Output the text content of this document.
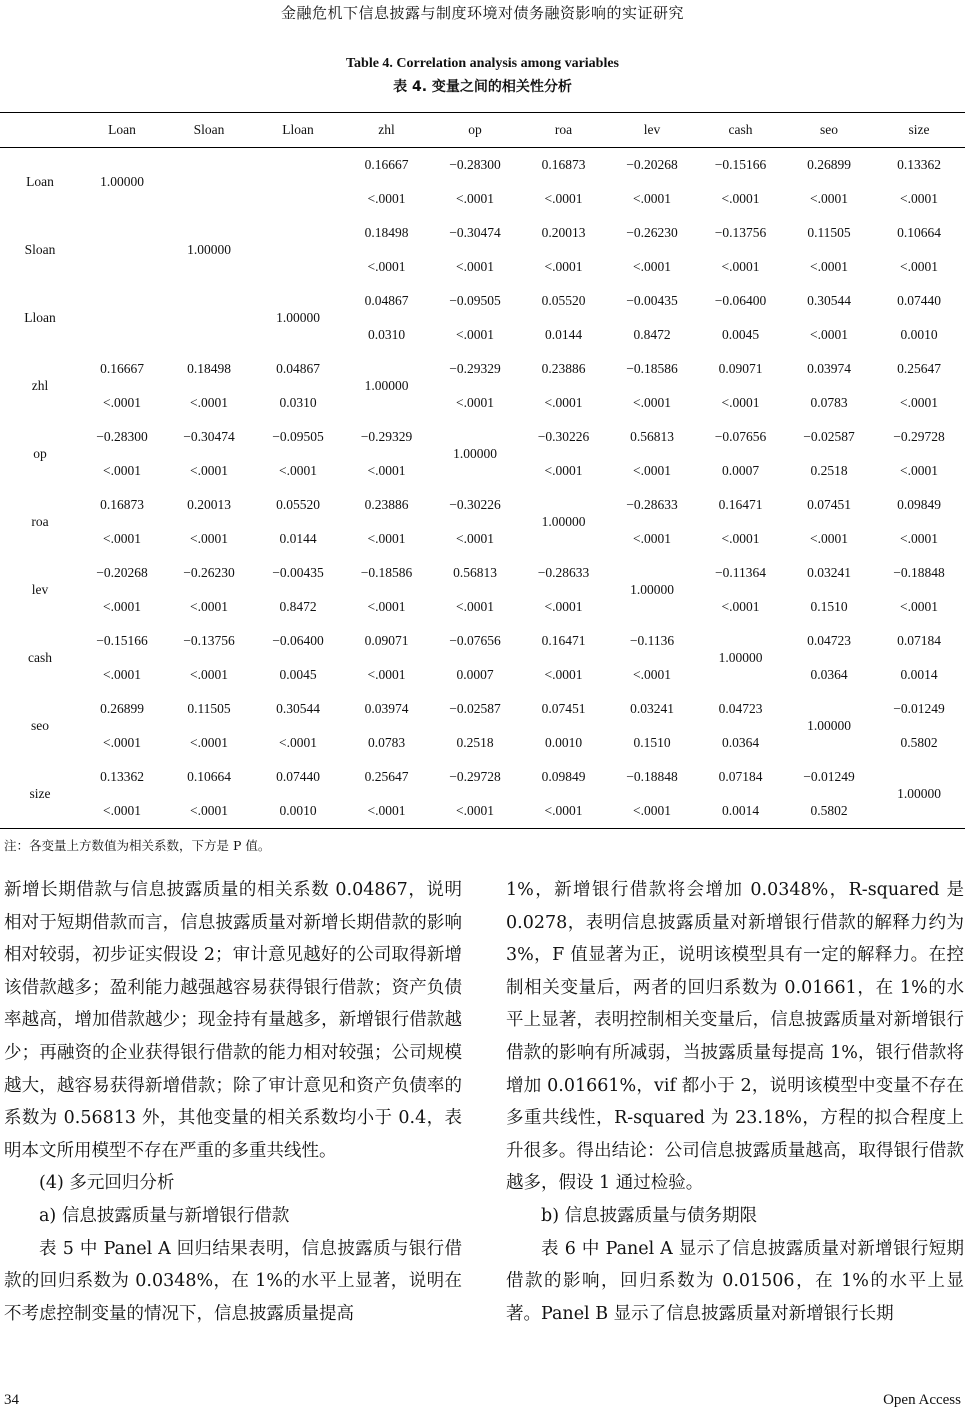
金融危机下信息披露与制度环境对债务融资影响的实证研究
Table 4. Correlation analysis among variables
表 4. 变量之间的相关性分析
	Loan	Sloan	Lloan	zhl	op	roa	lev	cash	seo	size
Loan	1.00000			0.16667	−0.28300	0.16873	−0.20268	−0.15166	0.26899	0.13362
				<.0001	<.0001	<.0001	<.0001	<.0001	<.0001	<.0001
Sloan		1.00000		0.18498	−0.30474	0.20013	−0.26230	−0.13756	0.11505	0.10664
				<.0001	<.0001	<.0001	<.0001	<.0001	<.0001	<.0001
Lloan			1.00000	0.04867	−0.09505	0.05520	−0.00435	−0.06400	0.30544	0.07440
				0.0310	<.0001	0.0144	0.8472	0.0045	<.0001	0.0010
zhl	0.16667	0.18498	0.04867	1.00000	−0.29329	0.23886	−0.18586	0.09071	0.03974	0.25647
	<.0001	<.0001	0.0310		<.0001	<.0001	<.0001	<.0001	0.0783	<.0001
op	−0.28300	−0.30474	−0.09505	−0.29329	1.00000	−0.30226	0.56813	−0.07656	−0.02587	−0.29728
	<.0001	<.0001	<.0001	<.0001		<.0001	<.0001	0.0007	0.2518	<.0001
roa	0.16873	0.20013	0.05520	0.23886	−0.30226	1.00000	−0.28633	0.16471	0.07451	0.09849
	<.0001	<.0001	0.0144	<.0001	<.0001		<.0001	<.0001	<.0001	<.0001
lev	−0.20268	−0.26230	−0.00435	−0.18586	0.56813	−0.28633	1.00000	−0.11364	0.03241	−0.18848
	<.0001	<.0001	0.8472	<.0001	<.0001	<.0001		<.0001	0.1510	<.0001
cash	−0.15166	−0.13756	−0.06400	0.09071	−0.07656	0.16471	−0.1136	1.00000	0.04723	0.07184
	<.0001	<.0001	0.0045	<.0001	0.0007	<.0001	<.0001		0.0364	0.0014
seo	0.26899	0.11505	0.30544	0.03974	−0.02587	0.07451	0.03241	0.04723	1.00000	−0.01249
	<.0001	<.0001	<.0001	0.0783	0.2518	0.0010	0.1510	0.0364		0.5802
size	0.13362	0.10664	0.07440	0.25647	−0.29728	0.09849	−0.18848	0.07184	−0.01249	1.00000
	<.0001	<.0001	0.0010	<.0001	<.0001	<.0001	<.0001	0.0014	0.5802	
注：各变量上方数值为相关系数，下方是 P 值。

新增长期借款与信息披露质量的相关系数 0.04867，说明相对于短期借款而言，信息披露质量对新增长期借款的影响相对较弱，初步证实假设 2；审计意见越好的公司取得新增该借款越多；盈利能力越强越容易获得银行借款；资产负债率越高，增加借款越少；现金持有量越多，新增银行借款越少；再融资的企业获得银行借款的能力相对较强；公司规模越大，越容易获得新增借款；除了审计意见和资产负债率的系数为 0.56813 外，其他变量的相关系数均小于 0.4，表明本文所用模型不存在严重的多重共线性。

(4) 多元回归分析

a) 信息披露质量与新增银行借款

表 5 中 Panel A 回归结果表明，信息披露质与银行借款的回归系数为 0.0348%，在 1%的水平上显著，说明在不考虑控制变量的情况下，信息披露质量提高

1%，新增银行借款将会增加 0.0348%，R-squared 是 0.0278，表明信息披露质量对新增银行借款的解释力约为 3%，F 值显著为正，说明该模型具有一定的解释力。在控制相关变量后，两者的回归系数为 0.01661，在 1%的水平上显著，表明控制相关变量后，信息披露质量对新增银行借款的影响有所减弱，当披露质量每提高 1%，银行借款将增加 0.01661%，vif 都小于 2，说明该模型中变量不存在多重共线性，R-squared 为 23.18%，方程的拟合程度上升很多。得出结论：公司信息披露质量越高，取得银行借款越多，假设 1 通过检验。

b) 信息披露质量与债务期限

表 6 中 Panel A 显示了信息披露质量对新增银行短期借款的影响，回归系数为 0.01506，在 1%的水平上显著。Panel B 显示了信息披露质量对新增银行长期

34	Open Access
